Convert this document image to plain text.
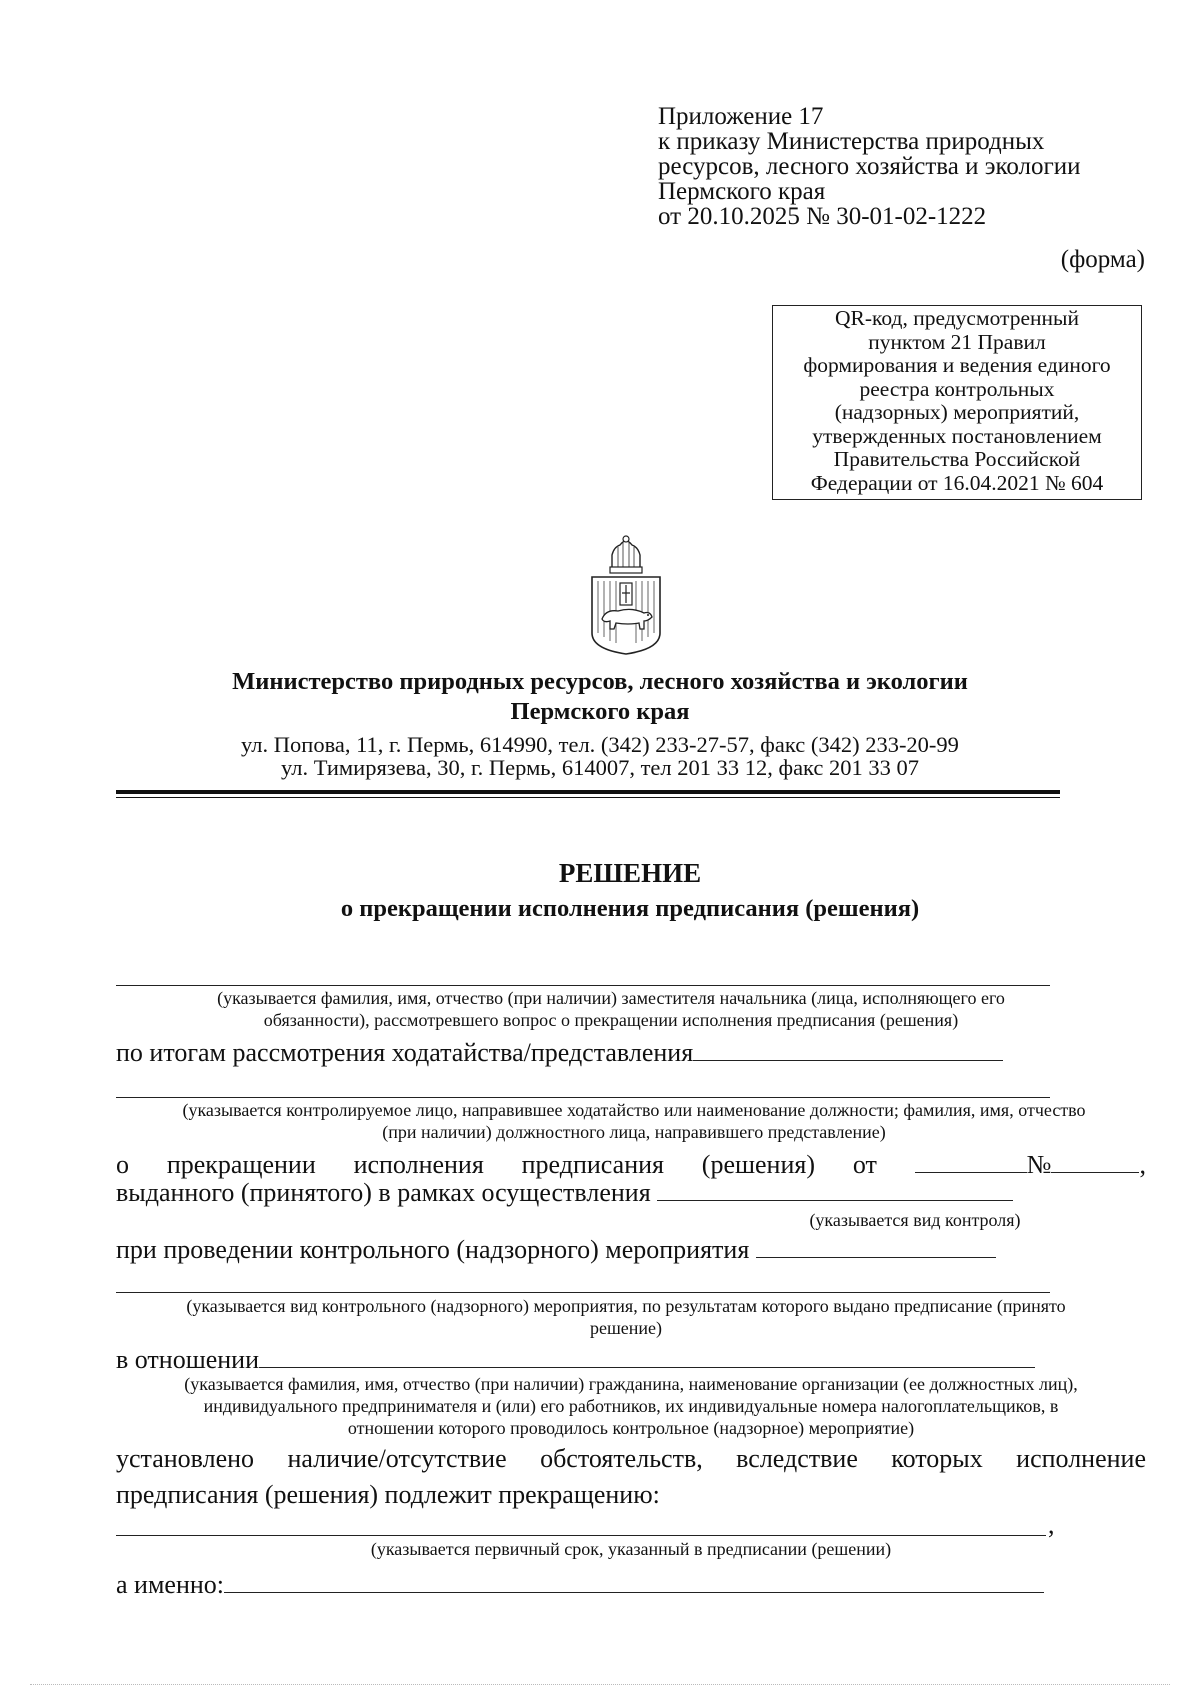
Приложение 17
к приказу Министерства природных
ресурсов, лесного хозяйства и экологии
Пермского края
от 20.10.2025 № 30-01-02-1222
(форма)
QR-код, предусмотренный
пунктом 21 Правил
формирования и ведения единого
реестра контрольных
(надзорных) мероприятий,
утвержденных постановлением
Правительства Российской
Федерации от 16.04.2021 № 604
Министерство природных ресурсов, лесного хозяйства и экологии
Пермского края
ул. Попова, 11, г. Пермь, 614990, тел. (342) 233-27-57, факс (342) 233-20-99
ул. Тимирязева, 30, г. Пермь, 614007, тел 201 33 12, факс 201 33 07
РЕШЕНИЕ
о прекращении исполнения предписания (решения)
(указывается фамилия, имя, отчество (при наличии) заместителя начальника (лица, исполняющего его
обязанности), рассмотревшего вопрос о прекращении исполнения предписания (решения)
по итогам рассмотрения ходатайства/представления
(указывается контролируемое лицо, направившее ходатайство или наименование должности; фамилия, имя, отчество
(при наличии) должностного лица, направившего представление)
о прекращении исполнения предписания (решения) от	№	,
выданного (принятого) в рамках осуществления
(указывается вид контроля)
при проведении контрольного (надзорного) мероприятия
(указывается вид контрольного (надзорного) мероприятия, по результатам которого выдано предписание (принято
решение)
в отношении
(указывается фамилия, имя, отчество (при наличии) гражданина, наименование организации (ее должностных лиц),
индивидуального предпринимателя и (или) его работников, их индивидуальные номера налогоплательщиков, в
отношении которого проводилось контрольное (надзорное) мероприятие)
установлено наличие/отсутствие обстоятельств, вследствие которых исполнение
предписания (решения) подлежит прекращению:
,
(указывается первичный срок, указанный в предписании (решении)
а именно:
